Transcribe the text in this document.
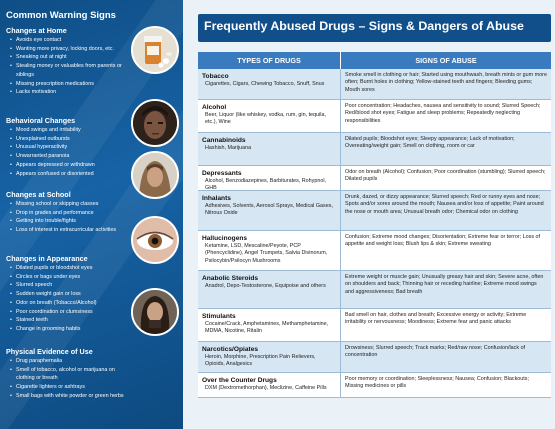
Common Warning Signs
Changes at Home
• Avoids eye contact
• Wanting more privacy, locking doors, etc.
• Sneaking out at night
• Stealing money or valuables from parents or siblings
• Missing prescription medications
• Lacks motivation
Behavioral Changes
• Mood swings and irritability
• Unexplained outbursts
• Unusual hyperactivity
• Unwarranted paranoia
• Appears depressed or withdrawn
• Appears confused or disoriented
Changes at School
• Missing school or skipping classes
• Drop in grades and performance
• Getting into trouble/fights
• Loss of interest in extracurricular activities
Changes in Appearance
• Dilated pupils or bloodshot eyes
• Circles or bags under eyes
• Slurred speech
• Sudden weight gain or loss
• Odor on breath (Tobacco/Alcohol)
• Poor coordination or clumsiness
• Stained teeth
• Change in grooming habits
Physical Evidence of Use
• Drug paraphernalia
• Smell of tobacco, alcohol or marijuana on clothing or breath
• Cigarette lighters or ashtrays
• Small bags with white powder or green herbs
Frequently Abused Drugs – Signs & Dangers of Abuse
TYPES OF DRUGS	SIGNS OF ABUSE
Tobacco
Cigarettes, Cigars, Chewing Tobacco, Snuff, Snus
Smoke smell in clothing or hair; Started using mouthwash, breath mints or gum more often; Burnt holes in clothing; Yellow-stained teeth and fingers; Bleeding gums; Mouth sores
Alcohol
Beer, Liquor (like whiskey, vodka, rum, gin, tequila, etc.), Wine
Poor concentration; Headaches, nausea and sensitivity to sound; Slurred Speech; Red/blood shot eyes; Fatigue and sleep problems; Repeatedly neglecting responsibilities
Cannabinoids
Hashish, Marijuana
Dilated pupils; Bloodshot eyes; Sleepy appearance; Lack of motivation; Overeating/weight gain; Smell on clothing, room or car
Depressants
Alcohol, Benzodiazepines, Barbiturates, Rohypnol, GHB
Odor on breath (Alcohol); Confusion; Poor coordination (stumbling); Slurred speech; Dilated pupils
Inhalants
Adhesives, Solvents, Aerosol Sprays, Medical Gases, Nitrous Oxide
Drunk, dazed, or dizzy appearance; Slurred speech; Red or runny eyes and nose; Spots and/or sores around the mouth; Nausea and/or loss of appetite; Paint around the nose or mouth area; Unusual breath odor; Chemical odor on clothing
Hallucinogens
Ketamine, LSD, Mescaline/Peyote, PCP (Phencyclidine), Angel Trumpets, Salvia Divinorum, Psilocybin/Psilocyn Mushrooms
Confusion; Extreme mood changes; Disorientation; Extreme fear or terror; Loss of appetite and weight loss; Blush lips & skin; Extreme sweating
Anabolic Steroids
Anadrol, Depo-Testosterone, Equipoise and others
Extreme weight or muscle gain; Unusually greasy hair and skin; Severe acne, often on shoulders and back; Thinning hair or receding hairline; Extreme mood swings and aggressiveness; Bad breath
Stimulants
Cocaine/Crack, Amphetamines, Methamphetamine, MDMA, Nicotine, Ritalin
Bad smell on hair, clothes and breath; Excessive energy or activity; Extreme irritability or nervousness; Moodiness; Extreme fear and panic attacks
Narcotics/Opiates
Heroin, Morphine, Prescription Pain Relievers, Opioids, Analgesics
Drowsiness; Slurred speech; Track marks; Red/raw nose; Confusion/lack of concentration
Over the Counter Drugs
DXM (Dextromethorphan), Meclizine, Caffeine Pills
Poor memory or coordination; Sleeplessness; Nausea; Confusion; Blackouts; Missing medicines or pills
